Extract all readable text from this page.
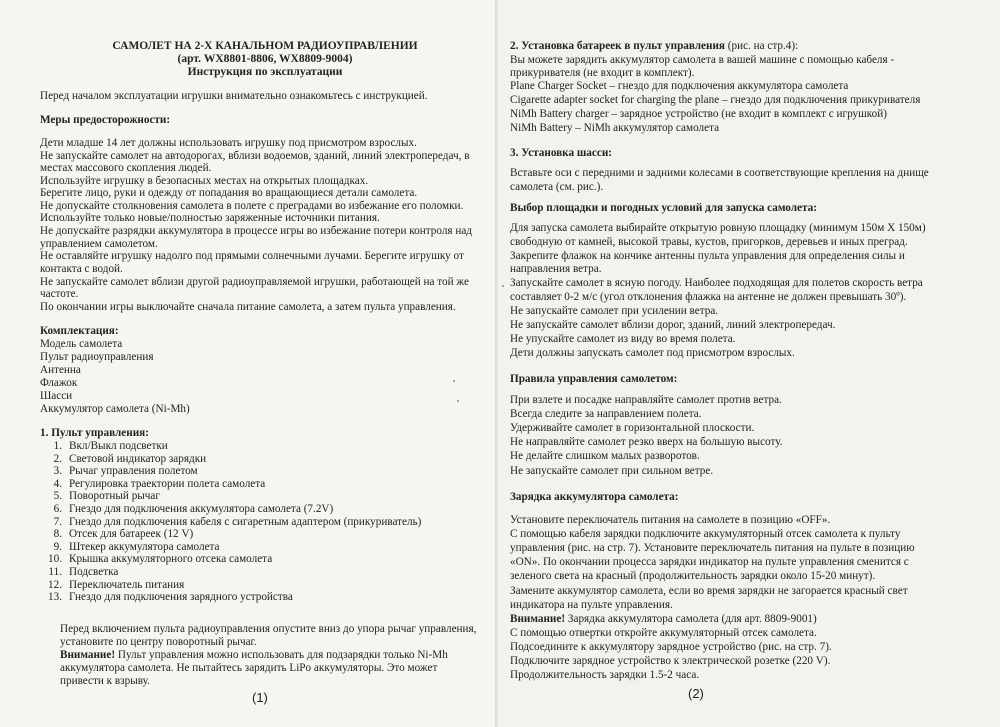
САМОЛЕТ НА 2-Х КАНАЛЬНОМ РАДИОУПРАВЛЕНИИ
(арт. WX8801-8806, WX8809-9004)
Инструкция по эксплуатации
Перед началом эксплуатации игрушки внимательно ознакомьтесь с инструкцией.
Меры предосторожности:
Дети младше 14 лет должны использовать игрушку под присмотром взрослых.
Не запускайте самолет на автодорогах, вблизи водоемов, зданий, линий электропередач, в
местах массового скопления людей.
Используйте игрушку в безопасных местах на открытых площадках.
Берегите лицо, руки и одежду от попадания во вращающиеся детали самолета.
Не допускайте столкновения самолета в полете с преградами во избежание его поломки.
Используйте только новые/полностью заряженные источники питания.
Не допускайте разрядки аккумулятора в процессе игры во избежание потери контроля над
управлением самолетом.
Не оставляйте игрушку надолго под прямыми солнечными лучами. Берегите игрушку от
контакта с водой.
Не запускайте самолет вблизи другой радиоуправляемой игрушки, работающей на той же
частоте.
По окончании игры выключайте сначала питание самолета, а затем пульта управления.
Комплектация:
Модель самолета
Пульт радиоуправления
Антенна
Флажок
Шасси
Аккумулятор самолета (Ni-Mh)
1. Пульт управления:
1. Вкл/Выкл подсветки
2. Световой индикатор зарядки
3. Рычаг управления полетом
4. Регулировка траектории полета самолета
5. Поворотный рычаг
6. Гнездо для подключения аккумулятора самолета (7.2V)
7. Гнездо для подключения кабеля с сигаретным адаптером (прикуриватель)
8. Отсек для батареек (12 V)
9. Штекер аккумулятора самолета
10. Крышка аккумуляторного отсека самолета
11. Подсветка
12. Переключатель питания
13. Гнездо для подключения зарядного устройства
Перед включением пульта радиоуправления опустите вниз до упора рычаг управления,
установите по центру поворотный рычаг.
Внимание! Пульт управления можно использовать для подзарядки только Ni-Mh
аккумулятора самолета. Не пытайтесь зарядить LiPo аккумуляторы. Это может
привести к взрыву.
(1)
2. Установка батареек в пульт управления (рис. на стр.4):
Вы можете зарядить аккумулятор самолета в вашей машине с помощью кабеля -
прикуривателя (не входит в комплект).
Plane Charger Socket – гнездо для подключения аккумулятора самолета
Cigarette adapter socket for charging the plane – гнездо для подключения прикуривателя
NiMh Battery charger – зарядное устройство (не входит в комплект с игрушкой)
NiMh Battery – NiMh аккумулятор самолета
3. Установка шасси:
Вставьте оси с передними и задними колесами в соответствующие крепления на днище
самолета (см. рис.).
Выбор площадки и погодных условий для запуска самолета:
Для запуска самолета выбирайте открытую ровную площадку (минимум 150м Х 150м)
свободную от камней, высокой травы, кустов, пригорков, деревьев и иных преград.
Закрепите флажок на кончике антенны пульта управления для определения силы и
направления ветра.
Запускайте самолет в ясную погоду. Наиболее подходящая для полетов скорость ветра
составляет 0-2 м/с (угол отклонения флажка на антенне не должен превышать 30º).
Не запускайте самолет при усилении ветра.
Не запускайте самолет вблизи дорог, зданий, линий электропередач.
Не упускайте самолет из виду во время полета.
Дети должны запускать самолет под присмотром взрослых.
Правила управления самолетом:
При взлете и посадке направляйте самолет против ветра.
Всегда следите за направлением полета.
Удерживайте самолет в горизонтальной плоскости.
Не направляйте самолет резко вверх на большую высоту.
Не делайте слишком малых разворотов.
Не запускайте самолет при сильном ветре.
Зарядка аккумулятора самолета:
Установите переключатель питания на самолете в позицию «OFF».
С помощью кабеля зарядки подключите аккумуляторный отсек самолета к пульту
управления (рис. на стр. 7). Установите переключатель питания на пульте в позицию
«ON». По окончании процесса зарядки индикатор на пульте управления сменится с
зеленого света на красный (продолжительность зарядки около 15-20 минут).
Замените аккумулятор самолета, если во время зарядки не загорается красный свет
индикатора на пульте управления.
Внимание! Зарядка аккумулятора самолета (для арт. 8809-9001)
С помощью отвертки откройте аккумуляторный отсек самолета.
Подсоедините к аккумулятору зарядное устройство (рис. на стр. 7).
Подключите зарядное устройство к электрической розетке (220 V).
Продолжительность зарядки 1.5-2 часа.
(2)
